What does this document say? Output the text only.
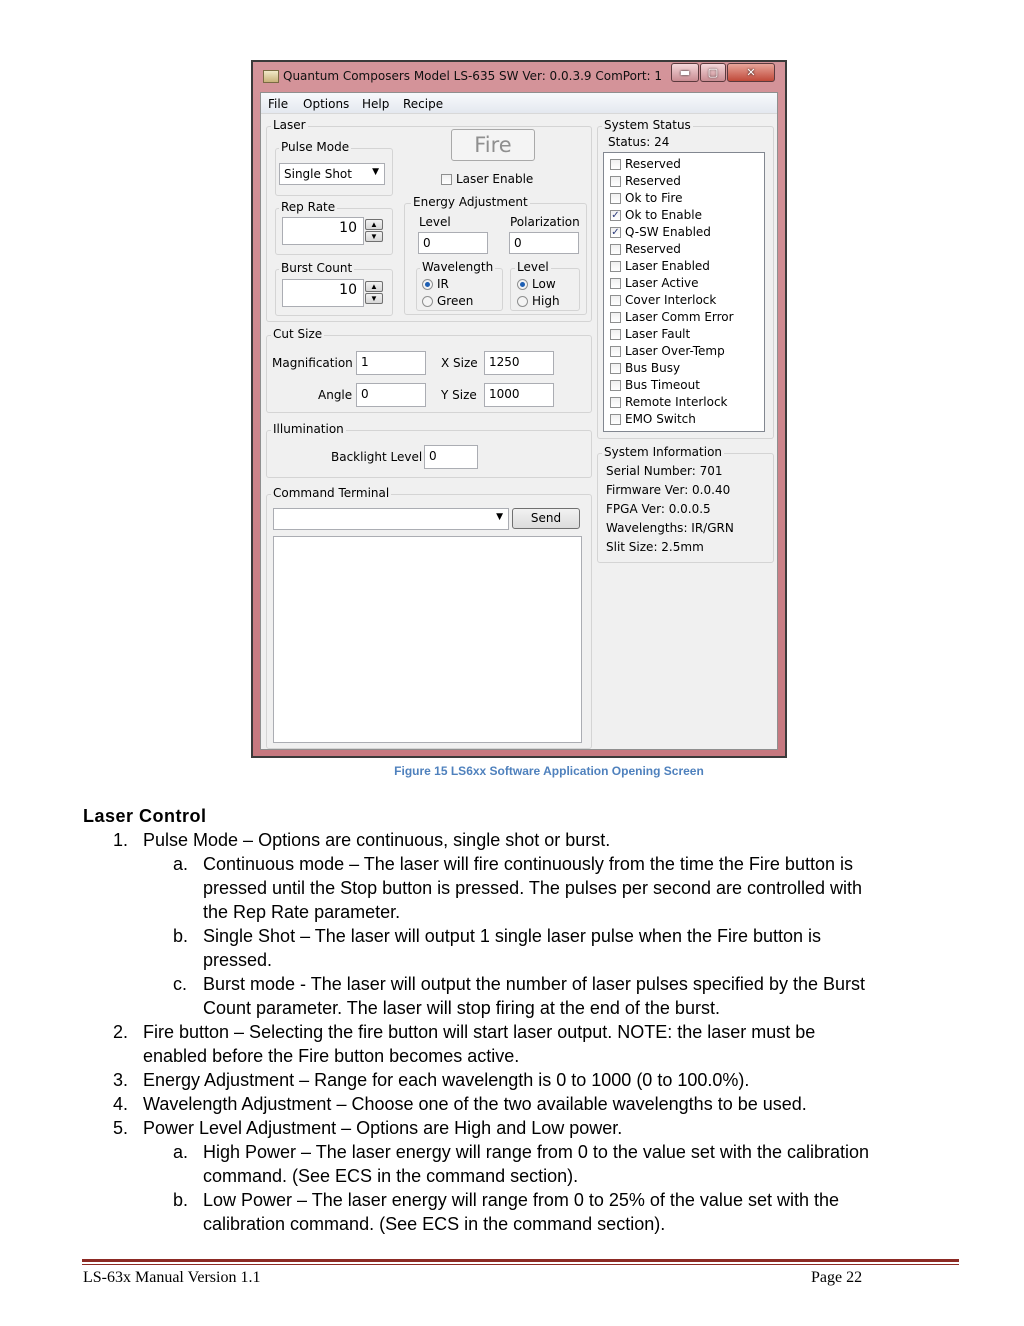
Quantum Composers Model LS-635 SW Ver: 0.0.3.9 ComPort: 1	▬	▢	✕
File Options Help Recipe
Laser
Pulse Mode
Single Shot ▼
Fire
Laser Enable
Rep Rate
10	▲
▼
Burst Count
10	▲
▼
Energy Adjustment
Level	Polarization
0	0
Wavelength
IR
Green
Level
Low
High
Cut Size
Magnification 1	X Size 1250
Angle 0	Y Size	1000
Illumination
Backlight Level 0
Command Terminal
▼	Send
System Status
Status: 24
System Information
Reserved
Reserved
Ok to Fire
✓ Ok to Enable
✓ Q-SW Enabled
Reserved
Laser Enabled
Laser Active
Cover Interlock
Laser Comm Error
Laser Fault
Laser Over-Temp
Bus Busy
Bus Timeout
Remote Interlock
EMO Switch
Serial Number: 701
Firmware Ver: 0.0.40
FPGA Ver: 0.0.0.5
Wavelengths: IR/GRN
Slit Size: 2.5mm
Figure 15 LS6xx Software Application Opening Screen
Laser Control
1. Pulse Mode – Options are continuous, single shot or burst.
a. Continuous mode – The laser will fire continuously from the time the Fire button is
pressed until the Stop button is pressed. The pulses per second are controlled with
the Rep Rate parameter.
b. Single Shot – The laser will output 1 single laser pulse when the Fire button is
pressed.
c. Burst mode - The laser will output the number of laser pulses specified by the Burst
Count parameter. The laser will stop firing at the end of the burst.
2. Fire button – Selecting the fire button will start laser output. NOTE: the laser must be
enabled before the Fire button becomes active.
3. Energy Adjustment – Range for each wavelength is 0 to 1000 (0 to 100.0%).
4. Wavelength Adjustment – Choose one of the two available wavelengths to be used.
5. Power Level Adjustment – Options are High and Low power.
a. High Power – The laser energy will range from 0 to the value set with the calibration
command. (See ECS in the command section).
b. Low Power – The laser energy will range from 0 to 25% of the value set with the
calibration command. (See ECS in the command section).
LS-63x Manual Version 1.1	Page 22
